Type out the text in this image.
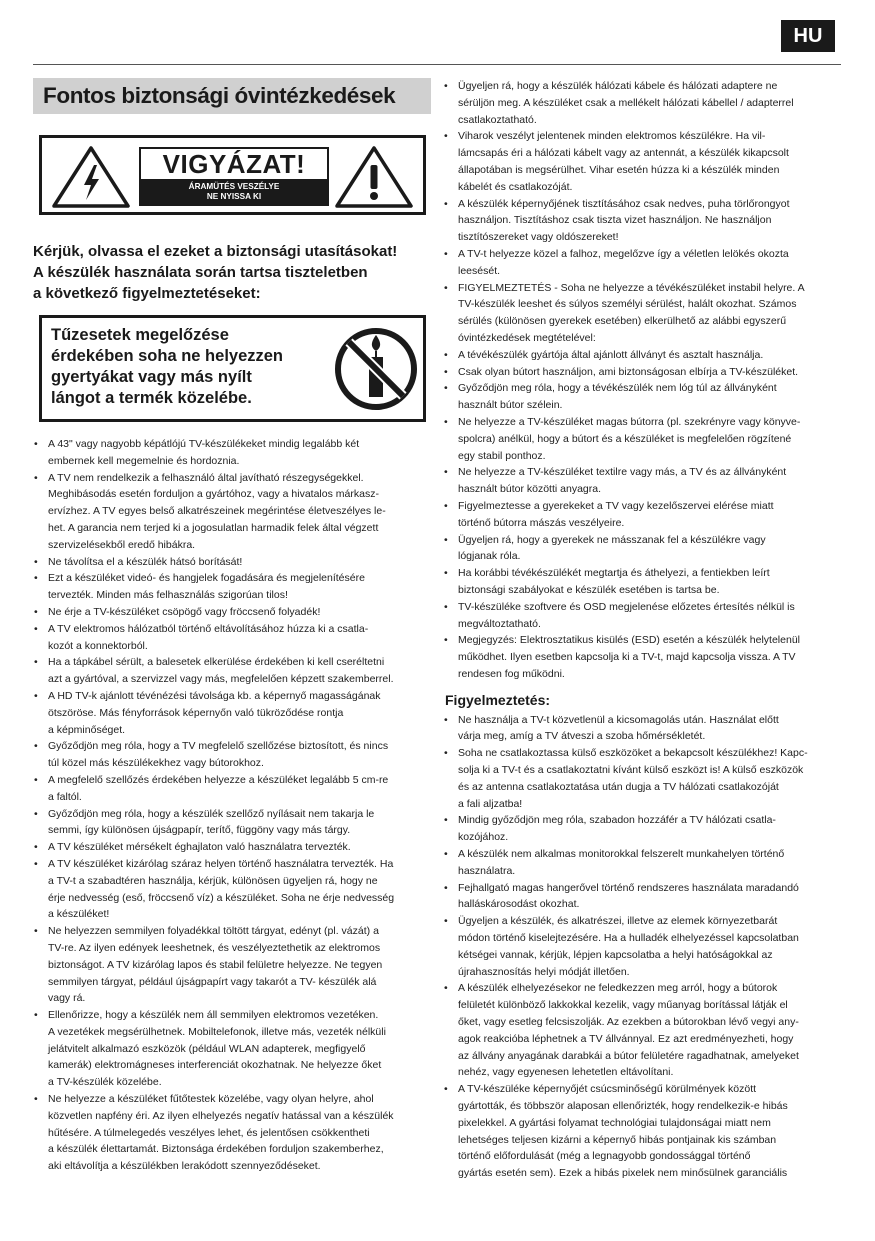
HU
Fontos biztonsági óvintézkedések
VIGYÁZAT!
ÁRAMÜTÉS VESZÉLYE
NE NYISSA KI
Kérjük, olvassa el ezeket a biztonsági utasításokat!
A készülék használata során tartsa tiszteletben
a következő figyelmeztetéseket:
Tűzesetek megelőzése
érdekében soha ne helyezzen
gyertyákat vagy más nyílt
lángot a termék közelébe.
• A 43" vagy nagyobb képátlójú TV-készülékeket mindig legalább két
embernek kell megemelnie és hordoznia.
• A TV nem rendelkezik a felhasználó által javítható részegységekkel.
Meghibásodás esetén forduljon a gyártóhoz, vagy a hivatalos márkasz-
ervízhez. A TV egyes belső alkatrészeinek megérintése életveszélyes le-
het. A garancia nem terjed ki a jogosulatlan harmadik felek által végzett
szervizelésekből eredő hibákra.
• Ne távolítsa el a készülék hátsó borítását!
• Ezt a készüléket videó- és hangjelek fogadására és megjelenítésére
tervezték. Minden más felhasználás szigorúan tilos!
• Ne érje a TV-készüléket csöpögő vagy fröccsenő folyadék!
• A TV elektromos hálózatból történő eltávolításához húzza ki a csatla-
kozót a konnektorból.
• Ha a tápkábel sérült, a balesetek elkerülése érdekében ki kell cseréltetni
azt a gyártóval, a szervizzel vagy más, megfelelően képzett szakemberrel.
• A HD TV-k ajánlott tévénézési távolsága kb. a képernyő magasságának
ötszöröse. Más fényforrások képernyőn való tükröződése rontja
a képminőséget.
• Győződjön meg róla, hogy a TV megfelelő szellőzése biztosított, és nincs
túl közel más készülékekhez vagy bútorokhoz.
• A megfelelő szellőzés érdekében helyezze a készüléket legalább 5 cm-re
a faltól.
• Győződjön meg róla, hogy a készülék szellőző nyílásait nem takarja le
semmi, így különösen újságpapír, terítő, függöny vagy más tárgy.
• A TV készüléket mérsékelt éghajlaton való használatra tervezték.
• A TV készüléket kizárólag száraz helyen történő használatra tervezték. Ha
a TV-t a szabadtéren használja, kérjük, különösen ügyeljen rá, hogy ne
érje nedvesség (eső, fröccsenő víz) a készüléket. Soha ne érje nedvesség
a készüléket!
• Ne helyezzen semmilyen folyadékkal töltött tárgyat, edényt (pl. vázát) a
TV-re. Az ilyen edények leeshetnek, és veszélyeztethetik az elektromos
biztonságot. A TV kizárólag lapos és stabil felületre helyezze. Ne tegyen
semmilyen tárgyat, például újságpapírt vagy takarót a TV- készülék alá
vagy rá.
• Ellenőrizze, hogy a készülék nem áll semmilyen elektromos vezetéken.
A vezetékek megsérülhetnek. Mobiltelefonok, illetve más, vezeték nélküli
jelátvitelt alkalmazó eszközök (például WLAN adapterek, megfigyelő
kamerák) elektromágneses interferenciát okozhatnak. Ne helyezze őket
a TV-készülék közelébe.
• Ne helyezze a készüléket fűtőtestek közelébe, vagy olyan helyre, ahol
közvetlen napfény éri. Az ilyen elhelyezés negatív hatással van a készülék
hűtésére. A túlmelegedés veszélyes lehet, és jelentősen csökkentheti
a készülék élettartamát. Biztonsága érdekében forduljon szakemberhez,
aki eltávolítja a készülékben lerakódott szennyeződéseket.
• Ügyeljen rá, hogy a készülék hálózati kábele és hálózati adaptere ne
sérüljön meg. A készüléket csak a mellékelt hálózati kábellel / adapterrel
csatlakoztatható.
• Viharok veszélyt jelentenek minden elektromos készülékre. Ha vil-
lámcsapás éri a hálózati kábelt vagy az antennát, a készülék kikapcsolt
állapotában is megsérülhet. Vihar esetén húzza ki a készülék minden
kábelét és csatlakozóját.
• A készülék képernyőjének tisztításához csak nedves, puha törlőrongyot
használjon. Tisztításhoz csak tiszta vizet használjon. Ne használjon
tisztítószereket vagy oldószereket!
• A TV-t helyezze közel a falhoz, megelőzve így a véletlen lelökés okozta
leesését.
• FIGYELMEZTETÉS - Soha ne helyezze a tévékészüléket instabil helyre. A
TV-készülék leeshet és súlyos személyi sérülést, halált okozhat. Számos
sérülés (különösen gyerekek esetében) elkerülhető az alábbi egyszerű
óvintézkedések megtételével:
• A tévékészülék gyártója által ajánlott állványt és asztalt használja.
• Csak olyan bútort használjon, ami biztonságosan elbírja a TV-készüléket.
• Győződjön meg róla, hogy a tévékészülék nem lóg túl az állványként
használt bútor szélein.
• Ne helyezze a TV-készüléket magas bútorra (pl. szekrényre vagy könyve-
spolcra) anélkül, hogy a bútort és a készüléket is megfelelően rögzítené
egy stabil ponthoz.
• Ne helyezze a TV-készüléket textilre vagy más, a TV és az állványként
használt bútor közötti anyagra.
• Figyelmeztesse a gyerekeket a TV vagy kezelőszervei elérése miatt
történő bútorra mászás veszélyeire.
• Ügyeljen rá, hogy a gyerekek ne másszanak fel a készülékre vagy
lógjanak róla.
• Ha korábbi tévékészülékét megtartja és áthelyezi, a fentiekben leírt
biztonsági szabályokat e készülék esetében is tartsa be.
• TV-készüléke szoftvere és OSD megjelenése előzetes értesítés nélkül is
megváltoztatható.
• Megjegyzés: Elektrosztatikus kisülés (ESD) esetén a készülék helytelenül
működhet. Ilyen esetben kapcsolja ki a TV-t, majd kapcsolja vissza. A TV
rendesen fog működni.
Figyelmeztetés:
• Ne használja a TV-t közvetlenül a kicsomagolás után. Használat előtt
várja meg, amíg a TV átveszi a szoba hőmérsékletét.
• Soha ne csatlakoztassa külső eszközöket a bekapcsolt készülékhez! Kapc-
solja ki a TV-t és a csatlakoztatni kívánt külső eszközt is! A külső eszközök
és az antenna csatlakoztatása után dugja a TV hálózati csatlakozóját
a fali aljzatba!
• Mindig győződjön meg róla, szabadon hozzáfér a TV hálózati csatla-
kozójához.
• A készülék nem alkalmas monitorokkal felszerelt munkahelyen történő
használatra.
• Fejhallgató magas hangerővel történő rendszeres használata maradandó
halláskárosodást okozhat.
• Ügyeljen a készülék, és alkatrészei, illetve az elemek környezetbarát
módon történő kiselejtezésére. Ha a hulladék elhelyezéssel kapcsolatban
kétségei vannak, kérjük, lépjen kapcsolatba a helyi hatóságokkal az
újrahasznosítás helyi módját illetően.
• A készülék elhelyezésekor ne feledkezzen meg arról, hogy a bútorok
felületét különböző lakkokkal kezelik, vagy műanyag borítással látják el
őket, vagy esetleg felcsiszolják. Az ezekben a bútorokban lévő vegyi any-
agok reakcióba léphetnek a TV állvánnyal. Ez azt eredményezheti, hogy
az állvány anyagának darabkái a bútor felületére ragadhatnak, amelyeket
nehéz, vagy egyenesen lehetetlen eltávolítani.
• A TV-készüléke képernyőjét csúcsminőségű körülmények között
gyártották, és többször alaposan ellenőrizték, hogy rendelkezik-e hibás
pixelekkel. A gyártási folyamat technológiai tulajdonságai miatt nem
lehetséges teljesen kizárni a képernyő hibás pontjainak kis számban
történő előfordulását (még a legnagyobb gondossággal történő
gyártás esetén sem). Ezek a hibás pixelek nem minősülnek garanciális
